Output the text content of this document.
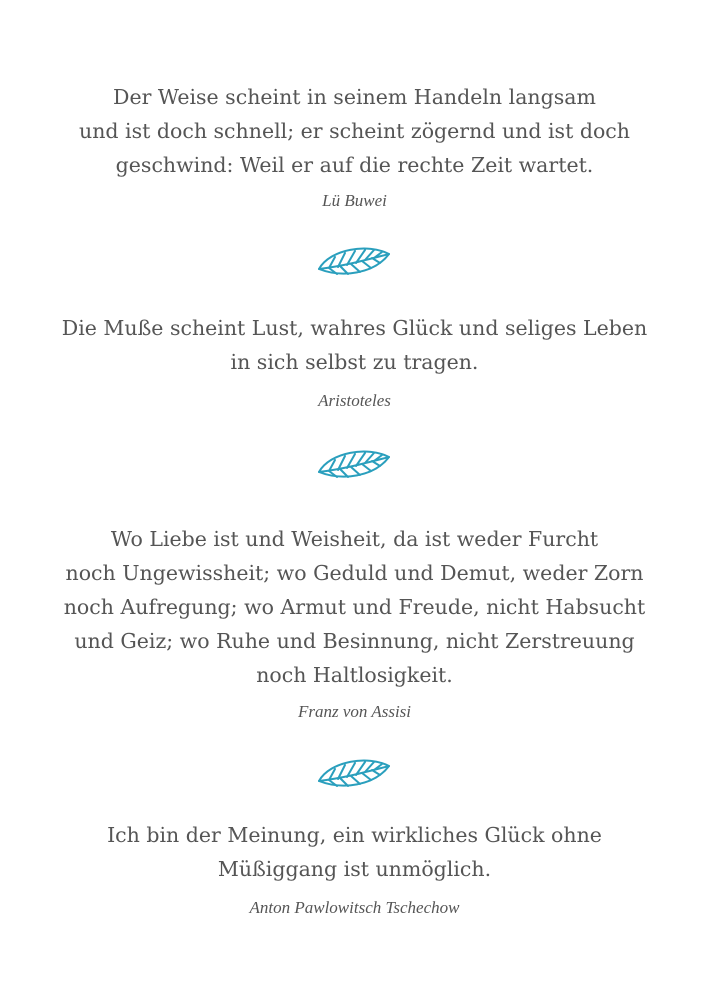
Der Weise scheint in seinem Handeln langsam
und ist doch schnell; er scheint zögernd und ist doch
geschwind: Weil er auf die rechte Zeit wartet.

Lü Buwei

Die Muße scheint Lust, wahres Glück und seliges Leben
in sich selbst zu tragen.

Aristoteles

Wo Liebe ist und Weisheit, da ist weder Furcht
noch Ungewissheit; wo Geduld und Demut, weder Zorn
noch Aufregung; wo Armut und Freude, nicht Habsucht
und Geiz; wo Ruhe und Besinnung, nicht Zerstreuung
noch Haltlosigkeit.

Franz von Assisi

Ich bin der Meinung, ein wirkliches Glück ohne
Müßiggang ist unmöglich.

Anton Pawlowitsch Tschechow
